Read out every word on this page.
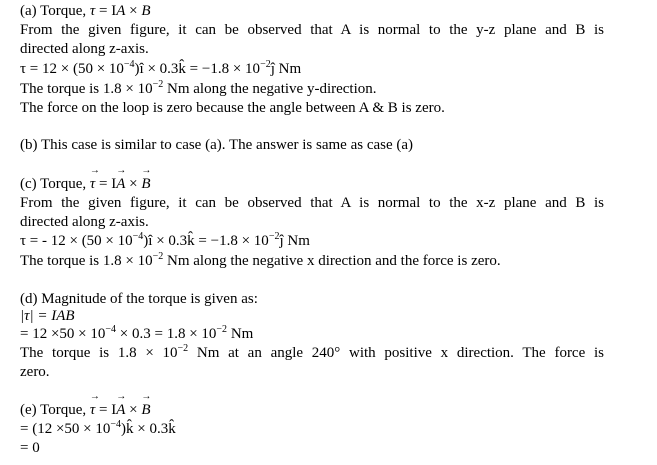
(a) Torque, → τ = I→ A × → B
From the given figure, it can be observed that A is normal to the y-z plane and B is
directed along z-axis.
$\tau = 12 \times (50 \times 10^{-4})î$ × 0.3k̂ = $-1.8 \times 10^{-2}ĵ$ Nm
The torque is $1.8 \times 10^{-2}$ Nm along the negative y-direction.
The force on the loop is zero because the angle between A & B is zero.
(b) This case is similar to case (a). The answer is same as case (a)
(c) Torque, → τ = I→ A × → B
From the given figure, it can be observed that A is normal to the x-z plane and B is
directed along z-axis.
τ = - $12 \times (50 \times 10^{-4})î$ × 0.3k̂ = $-1.8 \times 10^{-2}ĵ$ Nm
The torque is $1.8 \times 10^{-2}$ Nm along the negative x direction and the force is zero.
(d) Magnitude of the torque is given as:
|τ| = IAB
= $12 \times 50 \times 10^{-4} \times 0.3 = 1.8 \times 10^{-2}$ Nm
The torque is $1.8 \times 10^{-2}$ Nm at an angle 240° with positive x direction. The force is
zero.
(e) Torque, → τ = I→ A × → B
= $(12 \times 50 \times 10^{-4})k̂$ × 0.3k̂
= 0
